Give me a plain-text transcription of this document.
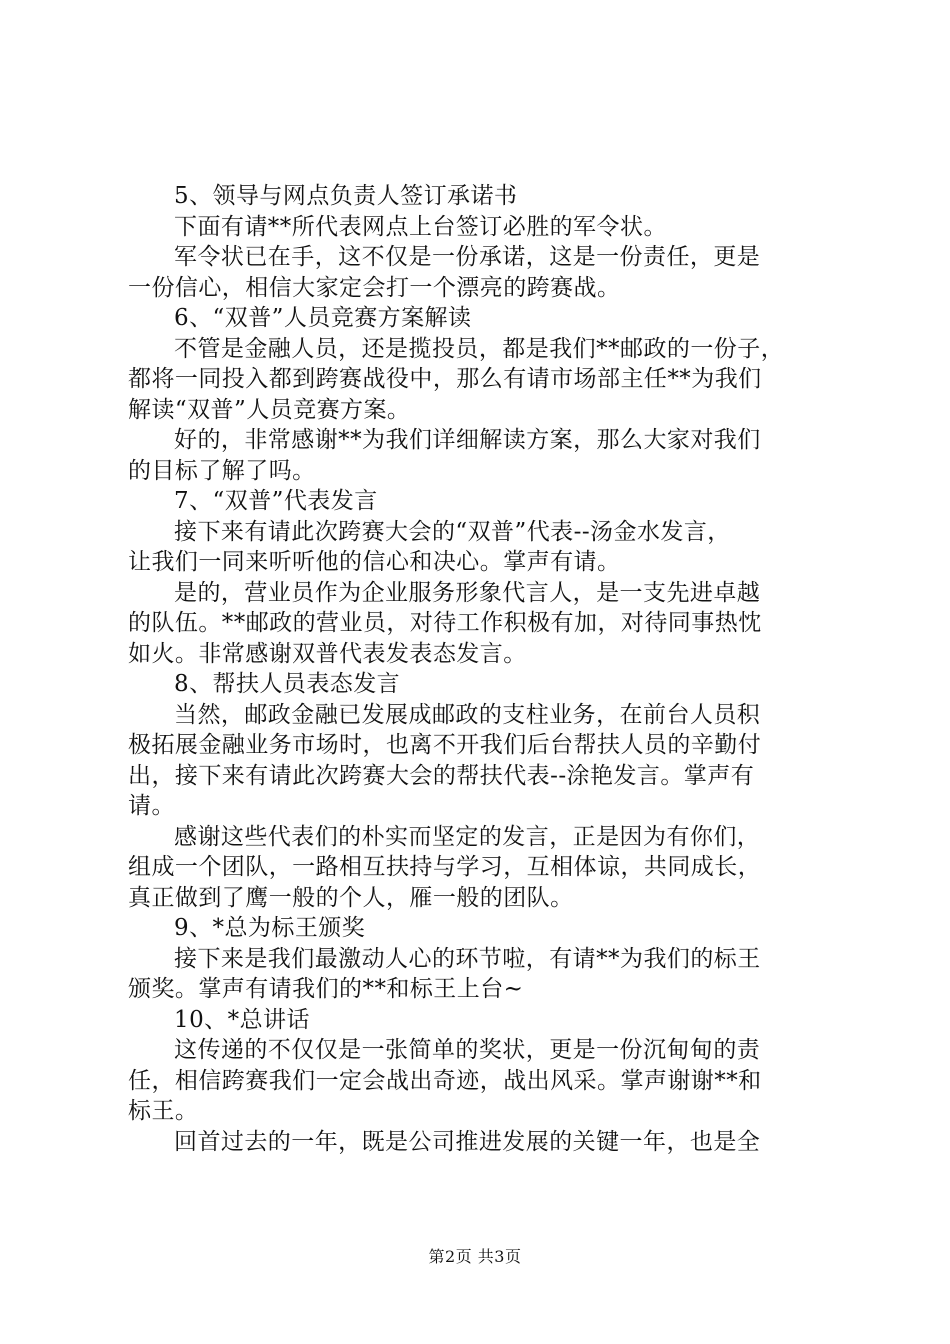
5、领导与网点负责人签订承诺书
下面有请**所代表网点上台签订必胜的军令状。
军令状已在手，这不仅是一份承诺，这是一份责任，更是
一份信心，相信大家定会打一个漂亮的跨赛战。
6、“双普”人员竞赛方案解读
不管是金融人员，还是揽投员，都是我们**邮政的一份子，
都将一同投入都到跨赛战役中，那么有请市场部主任**为我们
解读“双普”人员竞赛方案。
好的，非常感谢**为我们详细解读方案，那么大家对我们
的目标了解了吗。
7、“双普”代表发言
接下来有请此次跨赛大会的“双普”代表--汤金水发言，
让我们一同来听听他的信心和决心。掌声有请。
是的，营业员作为企业服务形象代言人，是一支先进卓越
的队伍。**邮政的营业员，对待工作积极有加，对待同事热忱
如火。非常感谢双普代表发表态发言。
8、帮扶人员表态发言
当然，邮政金融已发展成邮政的支柱业务，在前台人员积
极拓展金融业务市场时，也离不开我们后台帮扶人员的辛勤付
出，接下来有请此次跨赛大会的帮扶代表--涂艳发言。掌声有
请。
感谢这些代表们的朴实而坚定的发言，正是因为有你们，
组成一个团队，一路相互扶持与学习，互相体谅，共同成长，
真正做到了鹰一般的个人，雁一般的团队。
9、*总为标王颁奖
接下来是我们最激动人心的环节啦，有请**为我们的标王
颁奖。掌声有请我们的**和标王上台~
10、*总讲话
这传递的不仅仅是一张简单的奖状，更是一份沉甸甸的责
任，相信跨赛我们一定会战出奇迹，战出风采。掌声谢谢**和
标王。
回首过去的一年，既是公司推进发展的关键一年，也是全
第2页 共3页
